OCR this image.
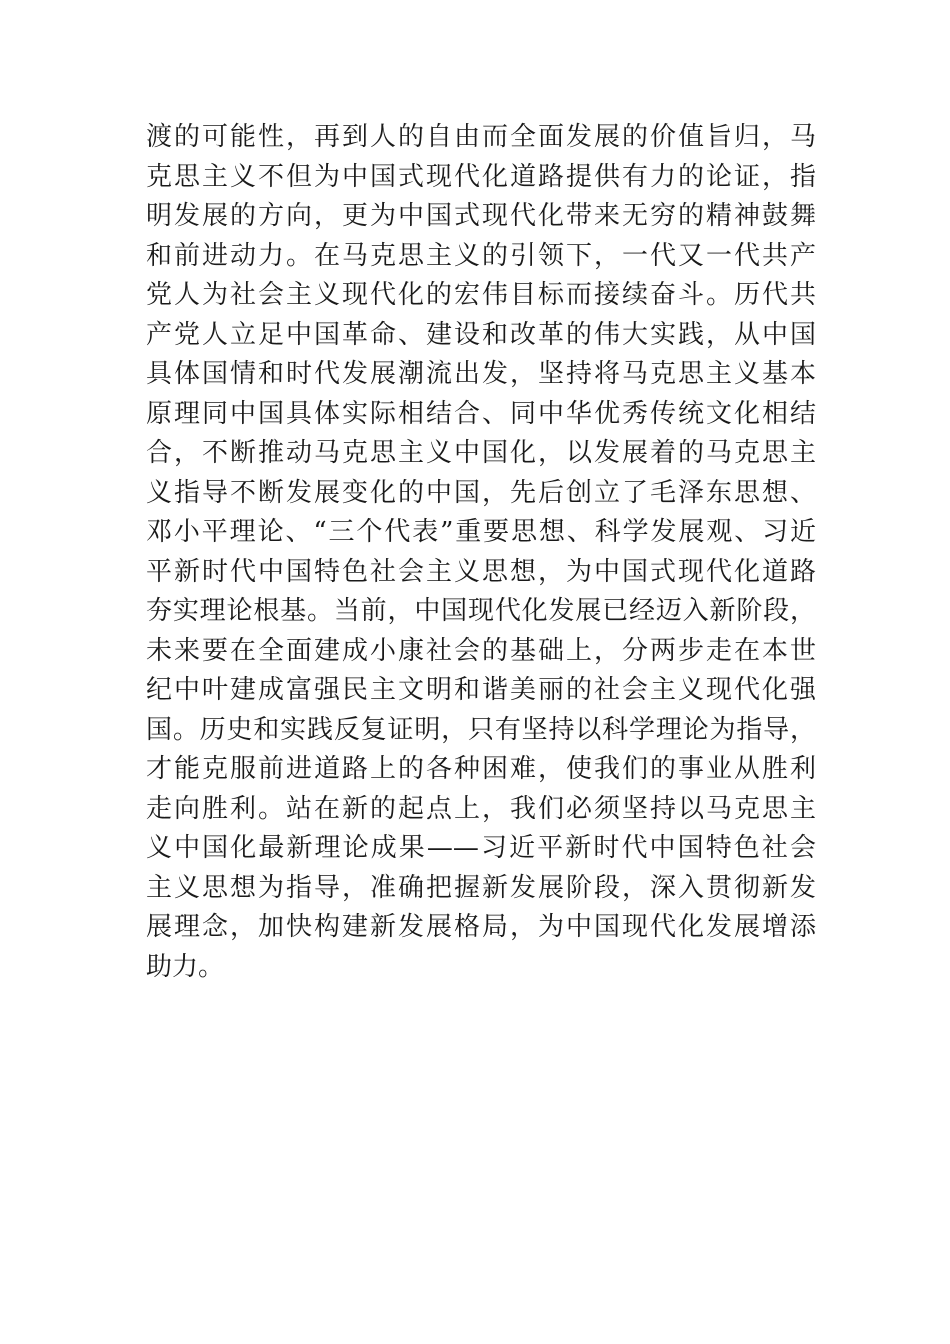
渡的可能性，再到人的自由而全面发展的价值旨归，马
克思主义不但为中国式现代化道路提供有力的论证，指
明发展的方向，更为中国式现代化带来无穷的精神鼓舞
和前进动力。在马克思主义的引领下，一代又一代共产
党人为社会主义现代化的宏伟目标而接续奋斗。历代共
产党人立足中国革命、建设和改革的伟大实践，从中国
具体国情和时代发展潮流出发，坚持将马克思主义基本
原理同中国具体实际相结合、同中华优秀传统文化相结
合，不断推动马克思主义中国化，以发展着的马克思主
义指导不断发展变化的中国，先后创立了毛泽东思想、
邓小平理论、“三个代表”重要思想、科学发展观、习近
平新时代中国特色社会主义思想，为中国式现代化道路
夯实理论根基。当前，中国现代化发展已经迈入新阶段，
未来要在全面建成小康社会的基础上，分两步走在本世
纪中叶建成富强民主文明和谐美丽的社会主义现代化强
国。历史和实践反复证明，只有坚持以科学理论为指导，
才能克服前进道路上的各种困难，使我们的事业从胜利
走向胜利。站在新的起点上，我们必须坚持以马克思主
义中国化最新理论成果——习近平新时代中国特色社会
主义思想为指导，准确把握新发展阶段，深入贯彻新发
展理念，加快构建新发展格局，为中国现代化发展增添
助力。
